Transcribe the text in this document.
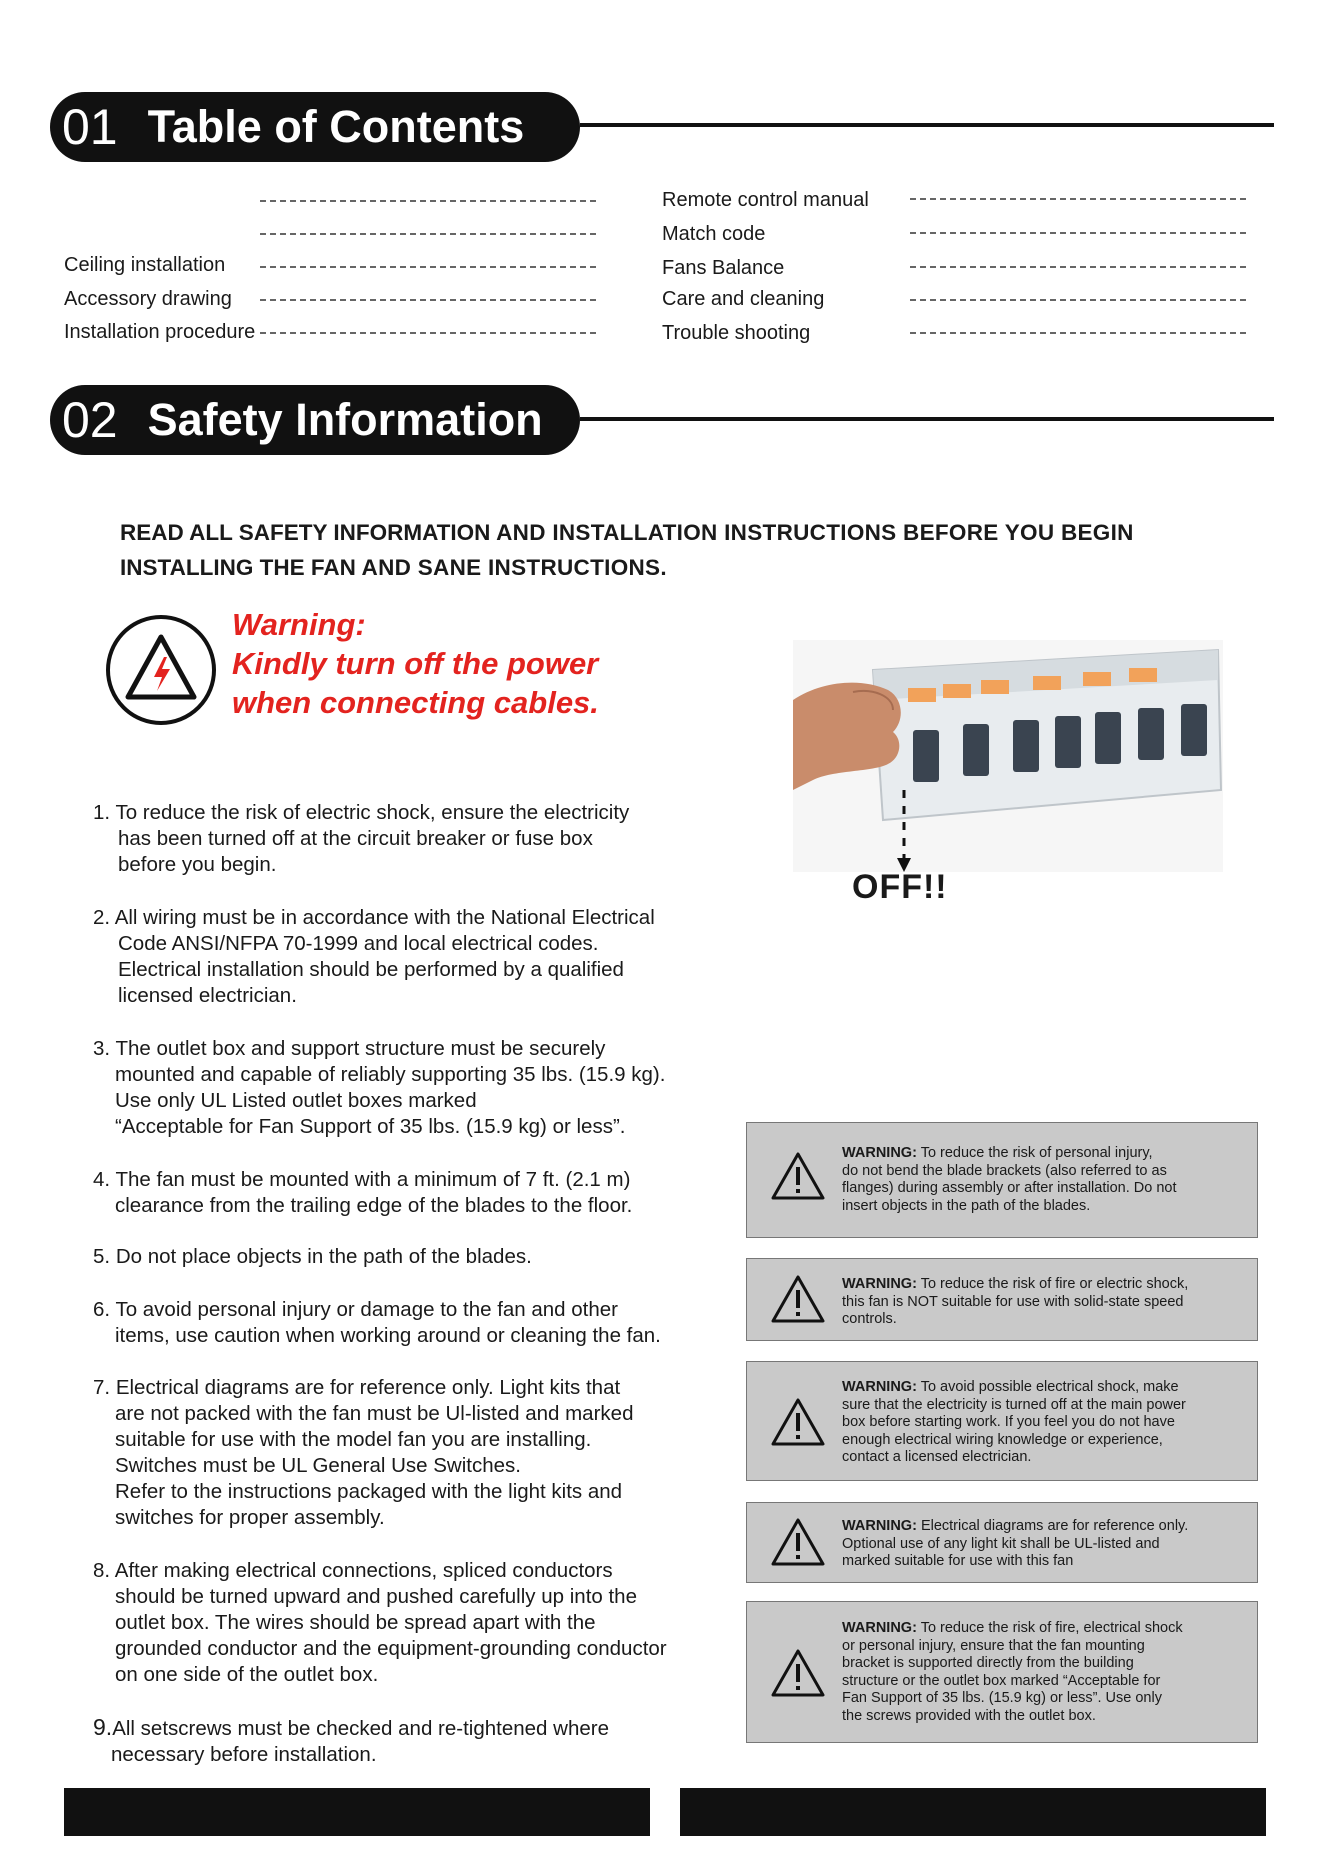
01 Table of Contents
Ceiling installation
Accessory drawing
Installation procedure
Remote control manual
Match code
Fans Balance
Care and cleaning
Trouble shooting
02 Safety Information
READ ALL SAFETY INFORMATION AND INSTALLATION INSTRUCTIONS BEFORE YOU BEGIN
INSTALLING THE FAN AND SANE INSTRUCTIONS.
Warning:
Kindly turn off the power
when connecting cables.
OFF!!
1. To reduce the risk of electric shock, ensure the electricity
has been turned off at the circuit breaker or fuse box
before you begin.
2. All wiring must be in accordance with the National Electrical
Code ANSI/NFPA 70-1999 and local electrical codes.
Electrical installation should be performed by a qualified
licensed electrician.
3. The outlet box and support structure must be securely
mounted and capable of reliably supporting 35 lbs. (15.9 kg).
Use only UL Listed outlet boxes marked
“Acceptable for Fan Support of 35 lbs. (15.9 kg) or less”.
4. The fan must be mounted with a minimum of 7 ft. (2.1 m)
clearance from the trailing edge of the blades to the floor.
5. Do not place objects in the path of the blades.
6. To avoid personal injury or damage to the fan and other
items, use caution when working around or cleaning the fan.
7. Electrical diagrams are for reference only. Light kits that
are not packed with the fan must be Ul-listed and marked
suitable for use with the model fan you are installing.
Switches must be UL General Use Switches.
Refer to the instructions packaged with the light kits and
switches for proper assembly.
8. After making electrical connections, spliced conductors
should be turned upward and pushed carefully up into the
outlet box. The wires should be spread apart with the
grounded conductor and the equipment-grounding conductor
on one side of the outlet box.
9.All setscrews must be checked and re-tightened where
necessary before installation.
WARNING: To reduce the risk of personal injury,
do not bend the blade brackets (also referred to as
flanges) during assembly or after installation. Do not
insert objects in the path of the blades.
WARNING: To reduce the risk of fire or electric shock,
this fan is NOT suitable for use with solid-state speed
controls.
WARNING: To avoid possible electrical shock, make
sure that the electricity is turned off at the main power
box before starting work. If you feel you do not have
enough electrical wiring knowledge or experience,
contact a licensed electrician.
WARNING: Electrical diagrams are for reference only.
Optional use of any light kit shall be UL-listed and
marked suitable for use with this fan
WARNING: To reduce the risk of fire, electrical shock
or personal injury, ensure that the fan mounting
bracket is supported directly from the building
structure or the outlet box marked “Acceptable for
Fan Support of 35 lbs. (15.9 kg) or less”. Use only
the screws provided with the outlet box.
